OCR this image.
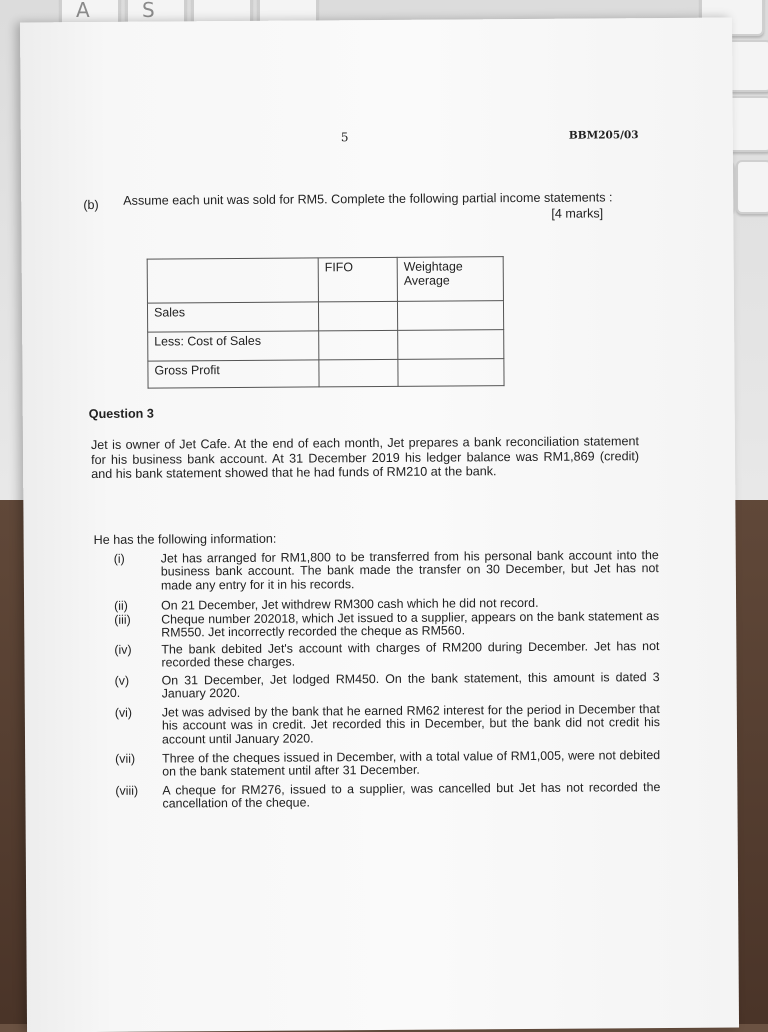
A	S
5	BBM205/03
(b) Assume each unit was sold for RM5. Complete the following partial income statements :
[4 marks]
	FIFO	Weightage Average
Sales		
Less: Cost of Sales		
Gross Profit		
Question 3
Jet is owner of Jet Cafe. At the end of each month, Jet prepares a bank reconciliation statement for his business bank account. At 31 December 2019 his ledger balance was RM1,869 (credit) and his bank statement showed that he had funds of RM210 at the bank.
He has the following information:
(i)	Jet has arranged for RM1,800 to be transferred from his personal bank account into the business bank account. The bank made the transfer on 30 December, but Jet has not made any entry for it in his records.
(ii)	On 21 December, Jet withdrew RM300 cash which he did not record.
(iii)	Cheque number 202018, which Jet issued to a supplier, appears on the bank statement as RM550. Jet incorrectly recorded the cheque as RM560.
(iv)	The bank debited Jet's account with charges of RM200 during December. Jet has not recorded these charges.
(v)	On 31 December, Jet lodged RM450. On the bank statement, this amount is dated 3 January 2020.
(vi)	Jet was advised by the bank that he earned RM62 interest for the period in December that his account was in credit. Jet recorded this in December, but the bank did not credit his account until January 2020.
(vii)	Three of the cheques issued in December, with a total value of RM1,005, were not debited on the bank statement until after 31 December.
(viii)	A cheque for RM276, issued to a supplier, was cancelled but Jet has not recorded the cancellation of the cheque.
